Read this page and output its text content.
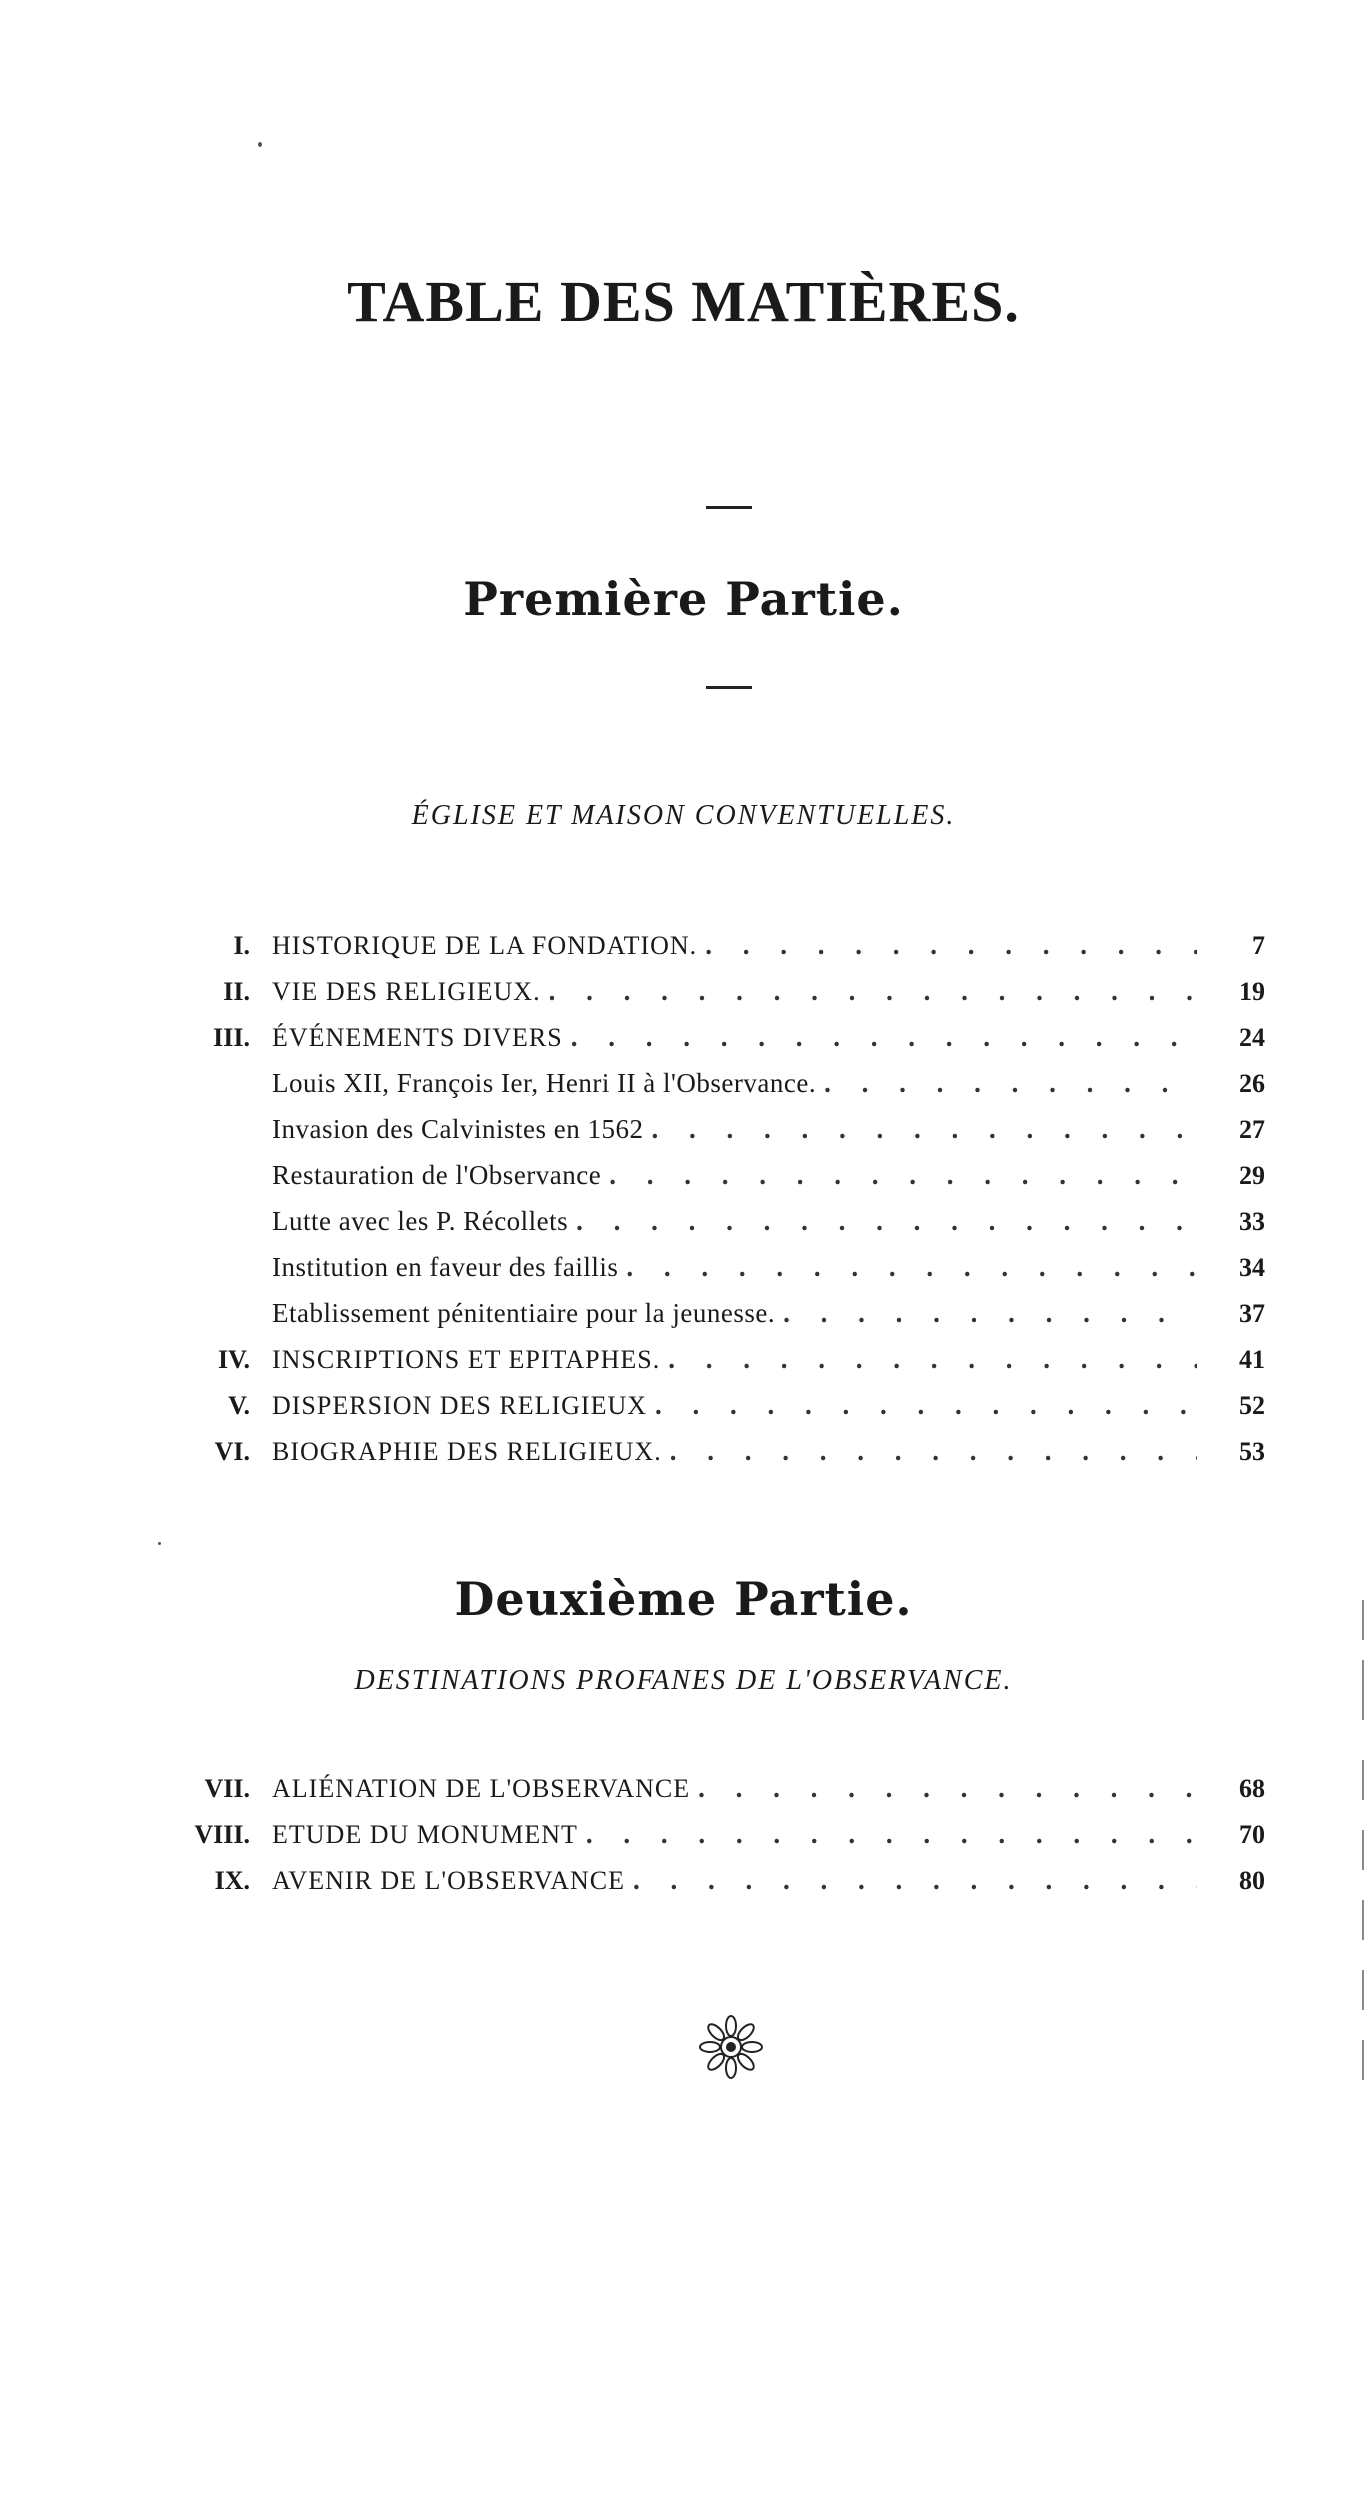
TABLE DES MATIÈRES.
Première Partie.
ÉGLISE ET MAISON CONVENTUELLES.
I. HISTORIQUE DE LA FONDATION. . . .	7
II. VIE DES RELIGIEUX. . . .	19
III. ÉVÉNEMENTS DIVERS . . .	24
Louis XII, François Ier, Henri II à l'Observance. . . .	26
Invasion des Calvinistes en 1562 . . .	27
Restauration de l'Observance . . .	29
Lutte avec les P. Récollets . . .	33
Institution en faveur des faillis . . .	34
Etablissement pénitentiaire pour la jeunesse. . . .	37
IV. INSCRIPTIONS ET EPITAPHES. . . .	41
V. DISPERSION DES RELIGIEUX . . .	52
VI. BIOGRAPHIE DES RELIGIEUX. . . .	53
Deuxième Partie.
DESTINATIONS PROFANES DE L'OBSERVANCE.
VII. ALIÉNATION DE L'OBSERVANCE . . .	68
VIII. ETUDE DU MONUMENT . . .	70
IX. AVENIR DE L'OBSERVANCE . . .	80
